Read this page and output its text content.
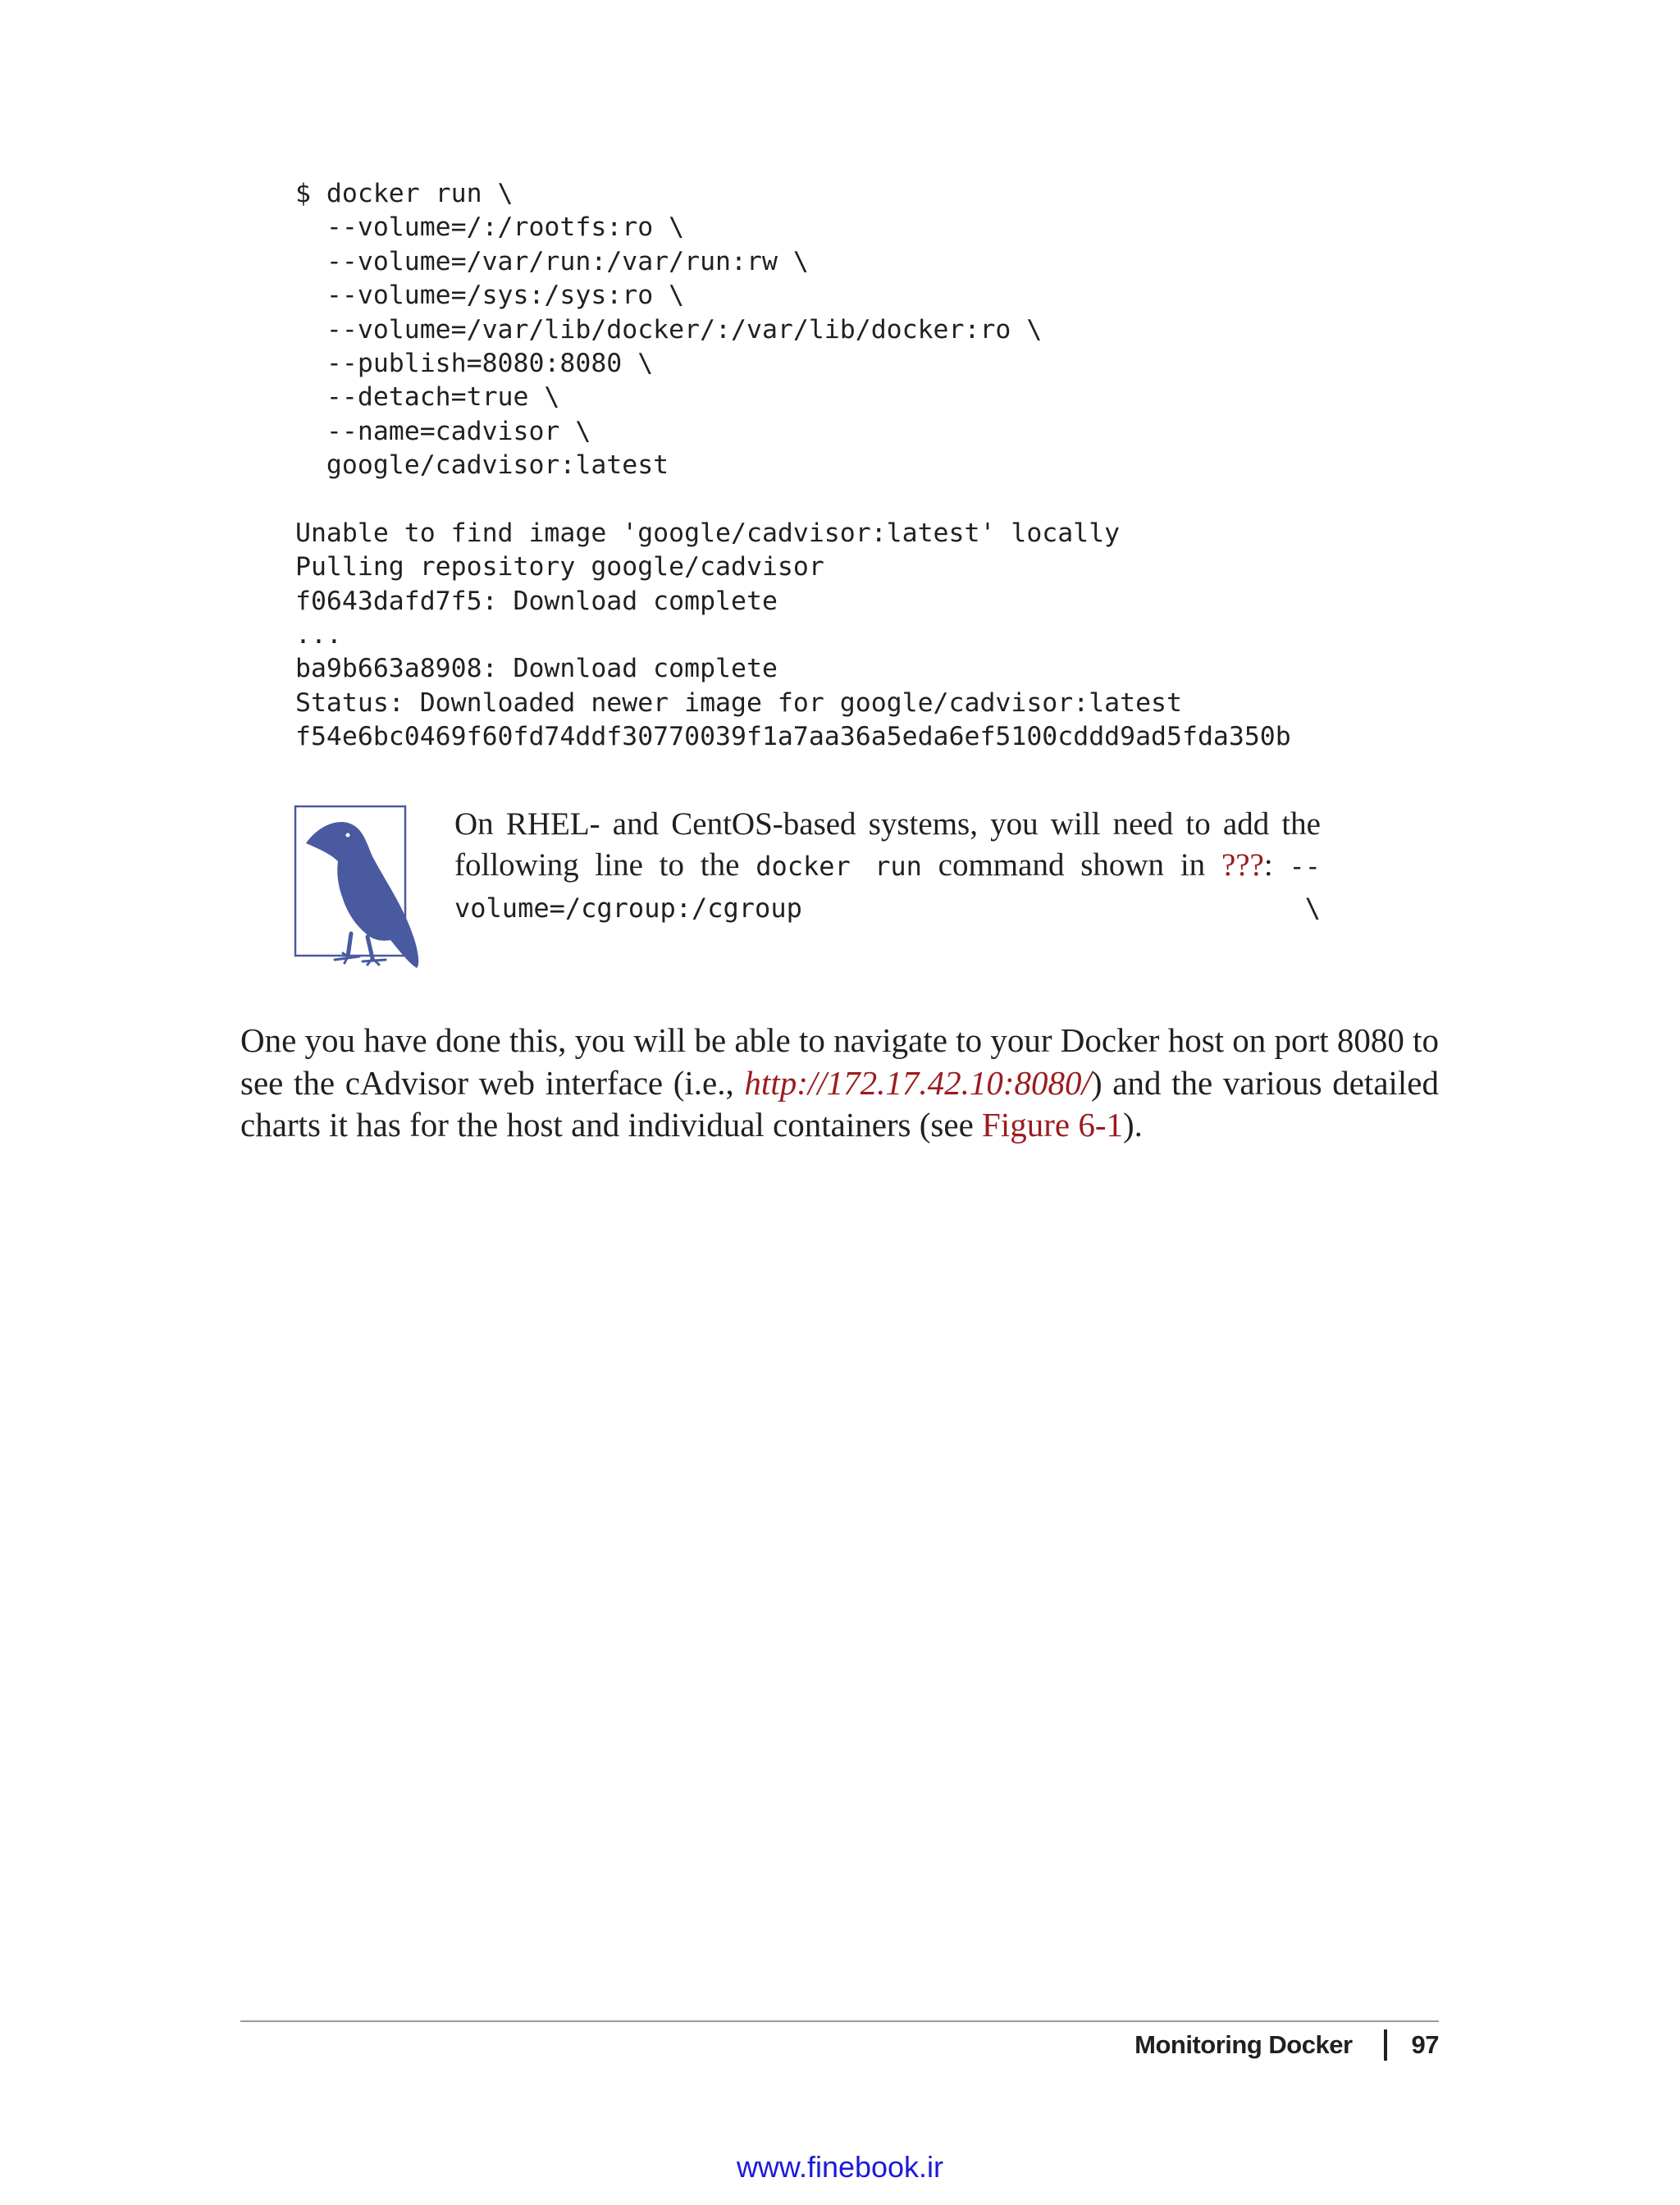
$ docker run \
--volume=/:/rootfs:ro \
--volume=/var/run:/var/run:rw \
--volume=/sys:/sys:ro \
--volume=/var/lib/docker/:/var/lib/docker:ro \
--publish=8080:8080 \
--detach=true \
--name=cadvisor \
google/cadvisor:latest
Unable to find image 'google/cadvisor:latest' locally
Pulling repository google/cadvisor
f0643dafd7f5: Download complete
...
ba9b663a8908: Download complete
Status: Downloaded newer image for google/cadvisor:latest
f54e6bc0469f60fd74ddf30770039f1a7aa36a5eda6ef5100cddd9ad5fda350b
On RHEL- and CentOS-based systems, you will need to add the following line to the docker run command shown in ???: --
volume=/cgroup:/cgroup \

One you have done this, you will be able to navigate to your Docker host on port 8080 to see the cAdvisor web interface (i.e., http://172.17.42.10:8080/) and the various detailed charts it has for the host and individual containers (see Figure 6-1).

Monitoring Docker 97
www.finebook.ir
